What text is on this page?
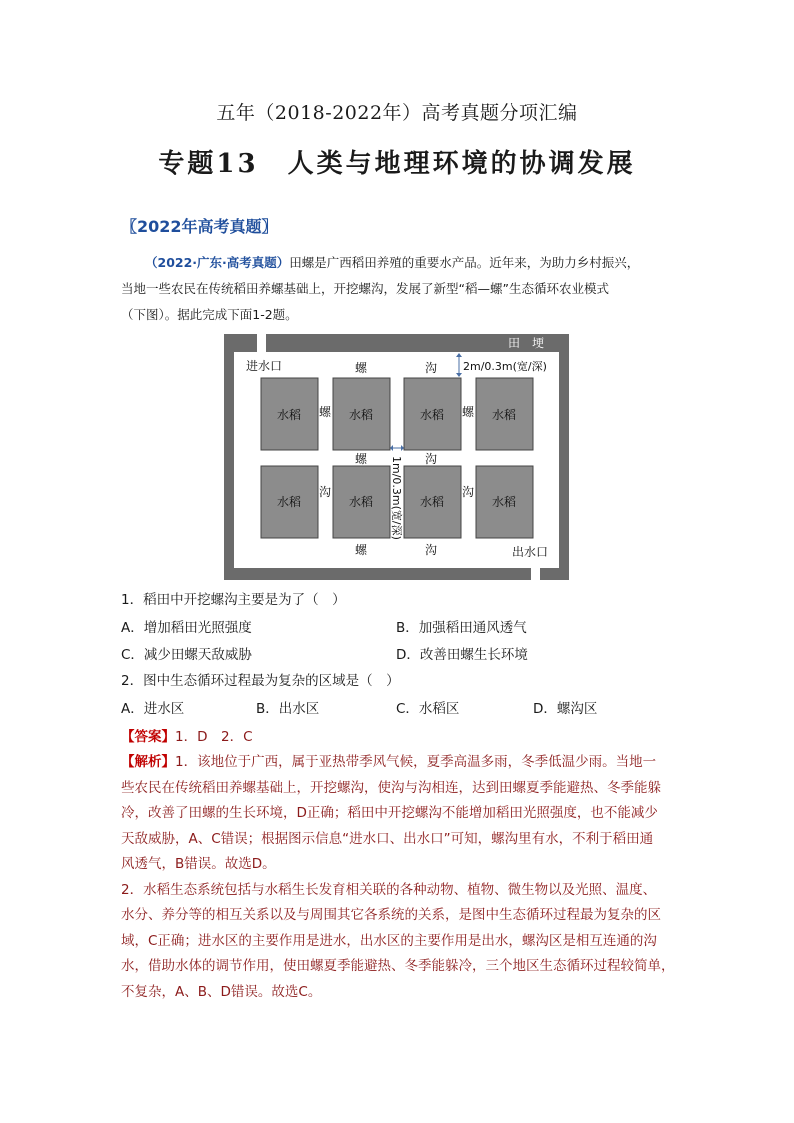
五年（2018-2022年）高考真题分项汇编
专题13　人类与地理环境的协调发展
〖2022年高考真题〗
（2022·广东·高考真题）田螺是广西稻田养殖的重要水产品。近年来，为助力乡村振兴，
当地一些农民在传统稻田养螺基础上，开挖螺沟，发展了新型“稻—螺”生态循环农业模式
（下图）。据此完成下面1-2题。
水稻	水稻	水稻	水稻
水稻	水稻	水稻	水稻
田　埂
进水口
出水口
螺	沟
螺	沟
螺	沟
螺	螺
沟	沟
2m/0.3m(宽/深)
1m/0.3m(宽/深)
1．稻田中开挖螺沟主要是为了（　）
A．增加稻田光照强度	B．加强稻田通风透气
C．减少田螺天敌威胁	D．改善田螺生长环境
2．图中生态循环过程最为复杂的区域是（　）
A．进水区	B．出水区	C．水稻区	D．螺沟区
【答案】1．D　2．C
【解析】1．该地位于广西，属于亚热带季风气候，夏季高温多雨，冬季低温少雨。当地一
些农民在传统稻田养螺基础上，开挖螺沟，使沟与沟相连，达到田螺夏季能避热、冬季能躲
冷，改善了田螺的生长环境，D正确；稻田中开挖螺沟不能增加稻田光照强度，也不能减少
天敌威胁，A、C错误；根据图示信息“进水口、出水口”可知，螺沟里有水，不利于稻田通
风透气，B错误。故选D。
2．水稻生态系统包括与水稻生长发育相关联的各种动物、植物、微生物以及光照、温度、
水分、养分等的相互关系以及与周围其它各系统的关系，是图中生态循环过程最为复杂的区
域，C正确；进水区的主要作用是进水，出水区的主要作用是出水，螺沟区是相互连通的沟
水，借助水体的调节作用，使田螺夏季能避热、冬季能躲冷，三个地区生态循环过程较简单，
不复杂，A、B、D错误。故选C。
